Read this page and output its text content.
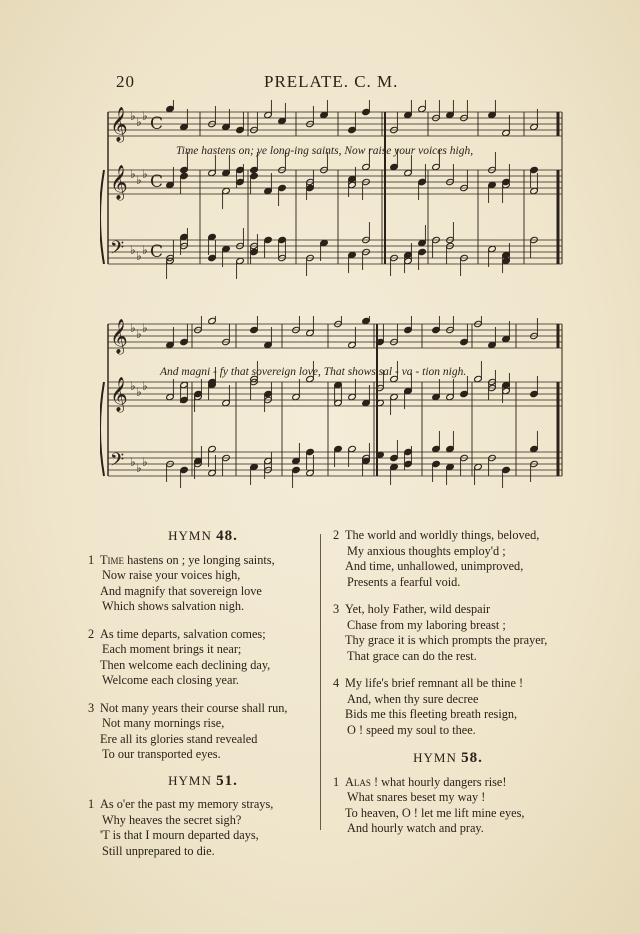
20	PRELATE. C. M.
𝄞 ♭ ♭ ♭ C
𝄞 ♭ ♭ ♭ C
𝄢 ♭ ♭ ♭ C
Time hastens on; ye long-ing saints, Now raise your voices high,
𝄞 ♭ ♭ ♭
𝄞 ♭ ♭ ♭
𝄢 ♭ ♭ ♭
And magni - fy that sovereign love, That shows sal - va - tion nigh.
HYMN 48.
1 Time hastens on ; ye longing saints,
Now raise your voices high,
And magnify that sovereign love
Which shows salvation nigh.
2 As time departs, salvation comes;
Each moment brings it near;
Then welcome each declining day,
Welcome each closing year.
3 Not many years their course shall run,
Not many mornings rise,
Ere all its glories stand revealed
To our transported eyes.
HYMN 51.
1 As o'er the past my memory strays,
Why heaves the secret sigh?
'T is that I mourn departed days,
Still unprepared to die.
2 The world and worldly things, beloved,
My anxious thoughts employ'd ;
And time, unhallowed, unimproved,
Presents a fearful void.
3 Yet, holy Father, wild despair
Chase from my laboring breast ;
Thy grace it is which prompts the prayer,
That grace can do the rest.
4 My life's brief remnant all be thine !
And, when thy sure decree
Bids me this fleeting breath resign,
O ! speed my soul to thee.
HYMN 58.
1 Alas ! what hourly dangers rise!
What snares beset my way !
To heaven, O ! let me lift mine eyes,
And hourly watch and pray.
